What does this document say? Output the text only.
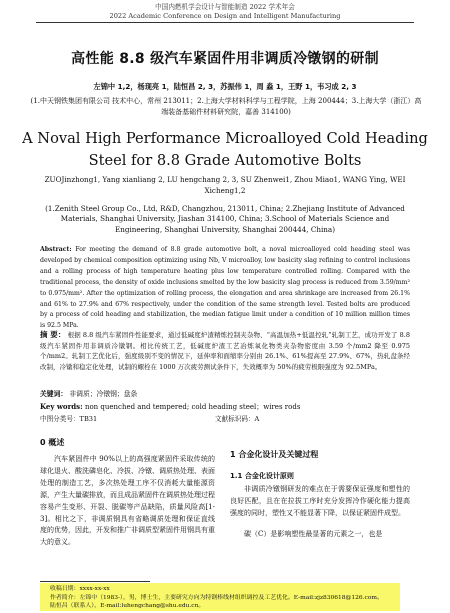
中国内燃机学会设计与智能制造 2022 学术年会
2022 Academic Conference on Design and Intelligent Manufacturing
高性能 8.8 级汽车紧固件用非调质冷镦钢的研制
左锦中 1,2，杨现亮 1，陆恒昌 2, 3，苏振伟 1，周 淼 1，王野 1，韦习成 2, 3
(1.中天钢铁集团有限公司 技术中心，常州 213011；2.上海大学材料科学与工程学院，上海 200444；3.上海大学（浙江）高端装备基础件材料研究院，嘉善 314100)
A Noval High Performance Microalloyed Cold Heading
Steel for 8.8 Grade Automotive Bolts
ZUOJinzhong1, Yang xianliang 2, LU hengchang 2, 3, SU Zhenwei1, Zhou Miao1, WANG Ying, WEI Xicheng1,2
(1.Zenith Steel Group Co., Ltd, R&D, Changzhou, 213011, China; 2.Zhejiang Institute of Advanced Materials, Shanghai University, Jiashan 314100, China; 3.School of Materials Science and Engineering, Shanghai University, Shanghai 200444, China)
Abstract: For meeting the demand of 8.8 grade automotive bolt, a noval microalloyed cold heading steel was developed by chemical composition optimizing using Nb, V microalloy, low basicity slag refining to control inclusions and a rolling process of high temperature heating plus low temperature controlled rolling. Compared with the traditional process, the density of oxide inclusions smelted by the low basicity slag process is reduced from 3.59/mm² to 0.975/mm². After the optimization of rolling process, the elongation and area shrinkage are increased from 26.1% and 61% to 27.9% and 67% respectively, under the condition of the same strength level. Tested bolts are produced by a process of cold heading and stabilization, the median fatigue limit under a condition of 10 million million times is 92.5 MPa.
摘 要： 根据 8.8 级汽车紧固件性能要求，通过低碱度炉渣精炼控制夹杂物、“高温加热+低温控轧”轧制工艺，成功开发了 8.8 级汽车紧固件用非调质冷镦钢。相比传统工艺，低碱度炉渣工艺冶炼氧化物类夹杂物密度由 3.59 个/mm2 降至 0.975 个/mm2。轧制工艺优化后，强度级别不变的情况下，延伸率和面缩率分别由 26.1%、61%提高至 27.9%、67%，热轧盘条经改制，冷镦和稳定化处理，试制的螺栓在 1000 万次疲劳测试条件下，失效概率为 50%的疲劳极限强度为 92.5MPa。
关键词： 非调质；冷镦钢；盘条
Key words: non quenched and tempered; cold heading steel；wires rods
中图分类号：TB31	文献标识码：A
0 概述
汽车紧固件中 90%以上的高强度紧固件采取传统的球化退火、酸洗磷皂化、冷拔、冷镦、调质热处理、表面处理的制造工艺，多次热处理工序不仅消耗大量能源资源，产生大量碳排放，而且成品紧固件在调质热处理过程容易产生变形、开裂、脱碳等产品缺陷，质量风险高[1-3]。相比之下，非调质钢具有省略调质处理和保证直线度的优势，因此，开发和推广非调质型紧固件用钢具有重大的意义。
1 合金化设计及关键过程
1.1 合金化设计原则
非调质冷镦钢研发的难点在于需要保证强度和塑性的良好匹配，且在在拉拔工序时充分发挥冷作硬化能力提高强度的同时，塑性又不能显著下降，以保证紧固件成型。
碳（C）是影响塑性最显著的元素之一，也是
收稿日期：xxxx-xx-xx
作者简介：左锦中（1983-），男，博士生，主要研究方向为特钢棒线材组织调控及工艺优化。E-mail:zjz830618@126.com。
陆恒昌（联系人），E-mail:luhengchang@shu.edu.cn。
